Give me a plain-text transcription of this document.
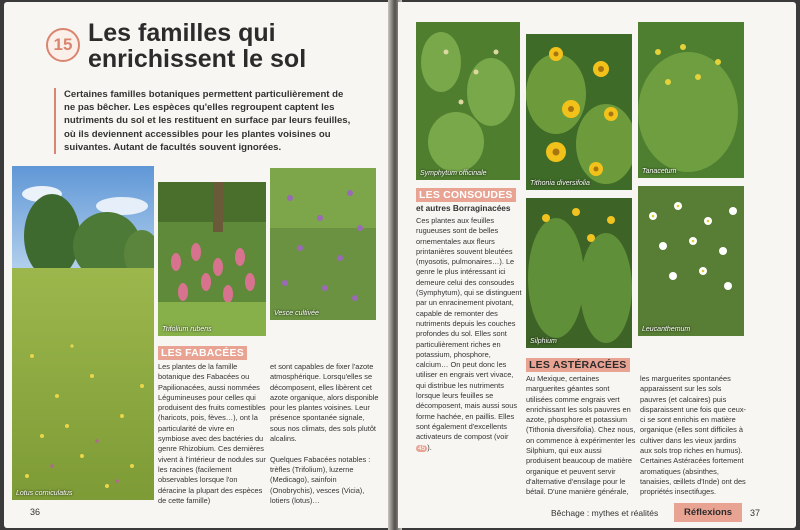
15 Les familles qui enrichissent le sol
Certaines familles botaniques permettent particulièrement de ne pas bêcher. Les espèces qu'elles regroupent captent les nutriments du sol et les restituent en surface par leurs feuilles, où ils deviennent accessibles pour les plantes voisines ou suivantes. Autant de facultés souvent ignorées.
Lotus corniculatus
Trifolium rubens
Vesce cultivée
LES FABACÉES
Les plantes de la famille botanique des Fabacées ou Papilionacées, aussi nommées Légumineuses pour celles qui produisent des fruits comestibles (haricots, pois, fèves…), ont la particularité de vivre en symbiose avec des bactéries du genre Rhizobium. Ces dernières vivent à l'intérieur de nodules sur les racines (facilement observables lorsque l'on déracine la plupart des espèces de cette famille)
et sont capables de fixer l'azote atmosphérique. Lorsqu'elles se décomposent, elles libèrent cet azote organique, alors disponible pour les plantes voisines. Leur présence spontanée signale, sous nos climats, des sols plutôt alcalins.

Quelques Fabacées notables : trèfles (Trifolium), luzerne (Medicago), sainfoin (Onobrychis), vesces (Vicia), lotiers (lotus)…
36
Symphytum officinale
Tithonia diversifolia
Tanacetum
Silphium
Leucanthemum
LES CONSOUDES
et autres Borraginacées
Ces plantes aux feuilles rugueuses sont de belles ornementales aux fleurs printanières souvent bleutées (myosotis, pulmonaires…). Le genre le plus intéressant ici demeure celui des consoudes (Symphytum), qui se distinguent par un enracinement pivotant, capable de remonter des nutriments depuis les couches profondes du sol. Elles sont particulièrement riches en potassium, phosphore, calcium… On peut donc les utiliser en engrais vert vivace, qui distribue les nutriments lorsque leurs feuilles se décomposent, mais aussi sous forme hachée, en paillis. Elles sont également d'excellents activateurs de compost (voir 45 ).
LES ASTÉRACÉES
Au Mexique, certaines marguerites géantes sont utilisées comme engrais vert enrichissant les sols pauvres en azote, phosphore et potassium (Tithonia diversifolia). Chez nous, on commence à expérimenter les Silphium, qui eux aussi produisent beaucoup de matière organique et peuvent servir d'alternative d'ensilage pour le bétail. D'une manière générale,
les marguerites spontanées apparaissent sur les sols pauvres (et calcaires) puis disparaissent une fois que ceux-ci se sont enrichis en matière organique (elles sont difficiles à cultiver dans les vieux jardins aux sols trop riches en humus). Certaines Astéracées fortement aromatiques (absinthes, tanaisies, œillets d'Inde) ont des propriétés insectifuges.
Bêchage : mythes et réalités	Réflexions	37
